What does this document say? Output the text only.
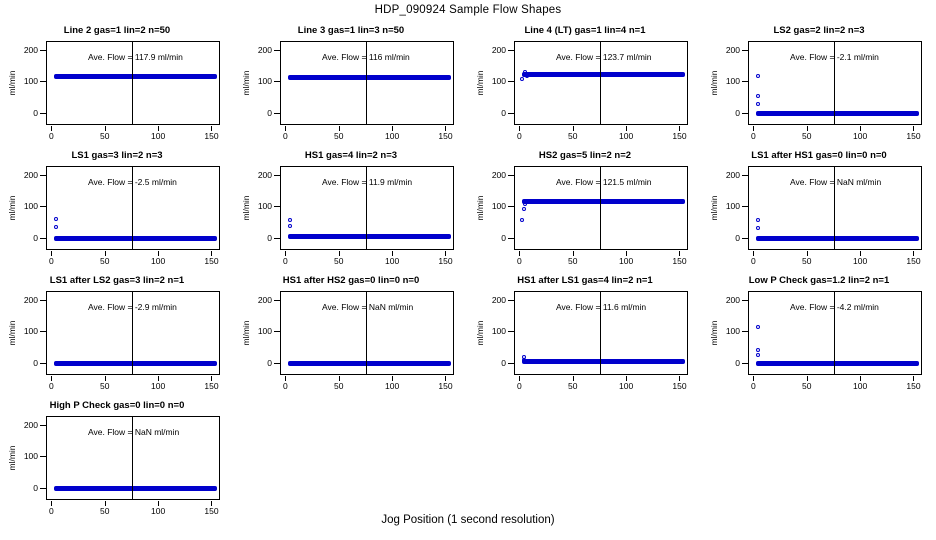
HDP_090924 Sample Flow Shapes
Line 2 gas=1 lin=2 n=50
ml/min
0
100
200
Ave. Flow = 117.9 ml/min
0	50	100	150
Line 3 gas=1 lin=3 n=50
ml/min
0
100
200
Ave. Flow = 116 ml/min
0	50	100	150
Line 4 (LT) gas=1 lin=4 n=1
ml/min
0
100
200
Ave. Flow = 123.7 ml/min
0	50	100	150
LS2 gas=2 lin=2 n=3
ml/min
0
100
200
Ave. Flow = -2.1 ml/min
0	50	100	150
LS1 gas=3 lin=2 n=3
ml/min
0
100
200
Ave. Flow = -2.5 ml/min
0	50	100	150
HS1 gas=4 lin=2 n=3
ml/min
0
100
200
Ave. Flow = 11.9 ml/min
0	50	100	150
HS2 gas=5 lin=2 n=2
ml/min
0
100
200
Ave. Flow = 121.5 ml/min
0	50	100	150
LS1 after HS1 gas=0 lin=0 n=0
ml/min
0
100
200
Ave. Flow = NaN ml/min
0	50	100	150
LS1 after LS2 gas=3 lin=2 n=1
ml/min
0
100
200
Ave. Flow = -2.9 ml/min
0	50	100	150
HS1 after HS2 gas=0 lin=0 n=0
ml/min
0
100
200
Ave. Flow = NaN ml/min
0	50	100	150
HS1 after LS1 gas=4 lin=2 n=1
ml/min
0
100
200
Ave. Flow = 11.6 ml/min
0	50	100	150
Low P Check gas=1.2 lin=2 n=1
ml/min
0
100
200
Ave. Flow = -4.2 ml/min
0	50	100	150
High P Check gas=0 lin=0 n=0
ml/min
0
100
200
Ave. Flow = NaN ml/min
0	50	100	150
Jog Position (1 second resolution)
